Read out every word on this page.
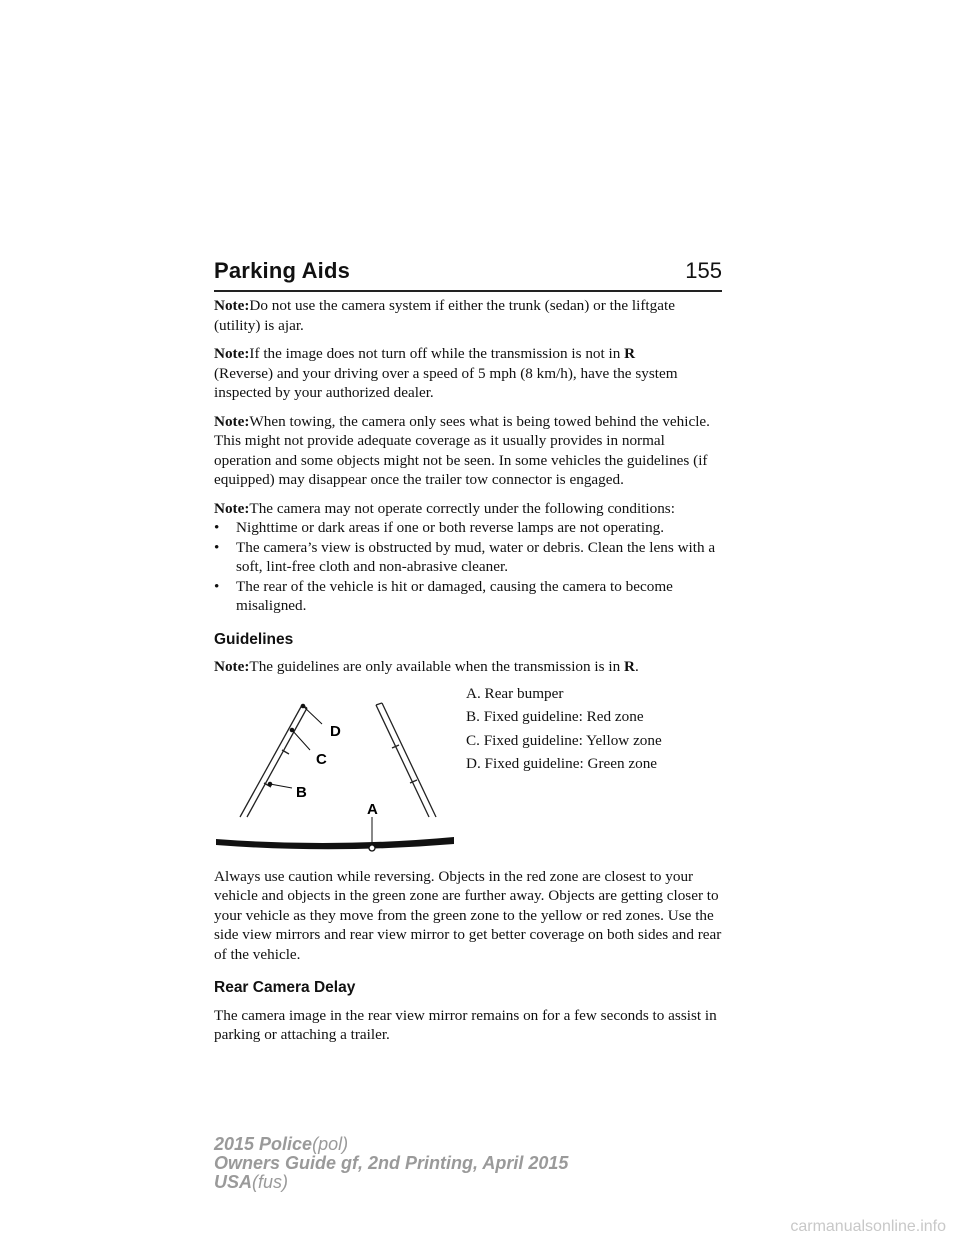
Parking Aids	155

Note:Do not use the camera system if either the trunk (sedan) or the liftgate (utility) is ajar.

Note:If the image does not turn off while the transmission is not in R
(Reverse) and your driving over a speed of 5 mph (8 km/h), have the system inspected by your authorized dealer.

Note:When towing, the camera only sees what is being towed behind the vehicle. This might not provide adequate coverage as it usually provides in normal operation and some objects might not be seen. In some vehicles the guidelines (if equipped) may disappear once the trailer tow connector is engaged.

Note:The camera may not operate correctly under the following conditions:

• Nighttime or dark areas if one or both reverse lamps are not operating.
• The camera’s view is obstructed by mud, water or debris. Clean the lens with a soft, lint-free cloth and non-abrasive cleaner.
• The rear of the vehicle is hit or damaged, causing the camera to become misaligned.
Guidelines

Note:The guidelines are only available when the transmission is in R.

D
C
B
A
A. Rear bumper
B. Fixed guideline: Red zone
C. Fixed guideline: Yellow zone
D. Fixed guideline: Green zone

Always use caution while reversing. Objects in the red zone are closest to your vehicle and objects in the green zone are further away. Objects are getting closer to your vehicle as they move from the green zone to the yellow or red zones. Use the side view mirrors and rear view mirror to get better coverage on both sides and rear of the vehicle.

Rear Camera Delay

The camera image in the rear view mirror remains on for a few seconds to assist in parking or attaching a trailer.

2015 Police(pol)
Owners Guide gf, 2nd Printing, April 2015
USA(fus)
carmanualsonline.info
